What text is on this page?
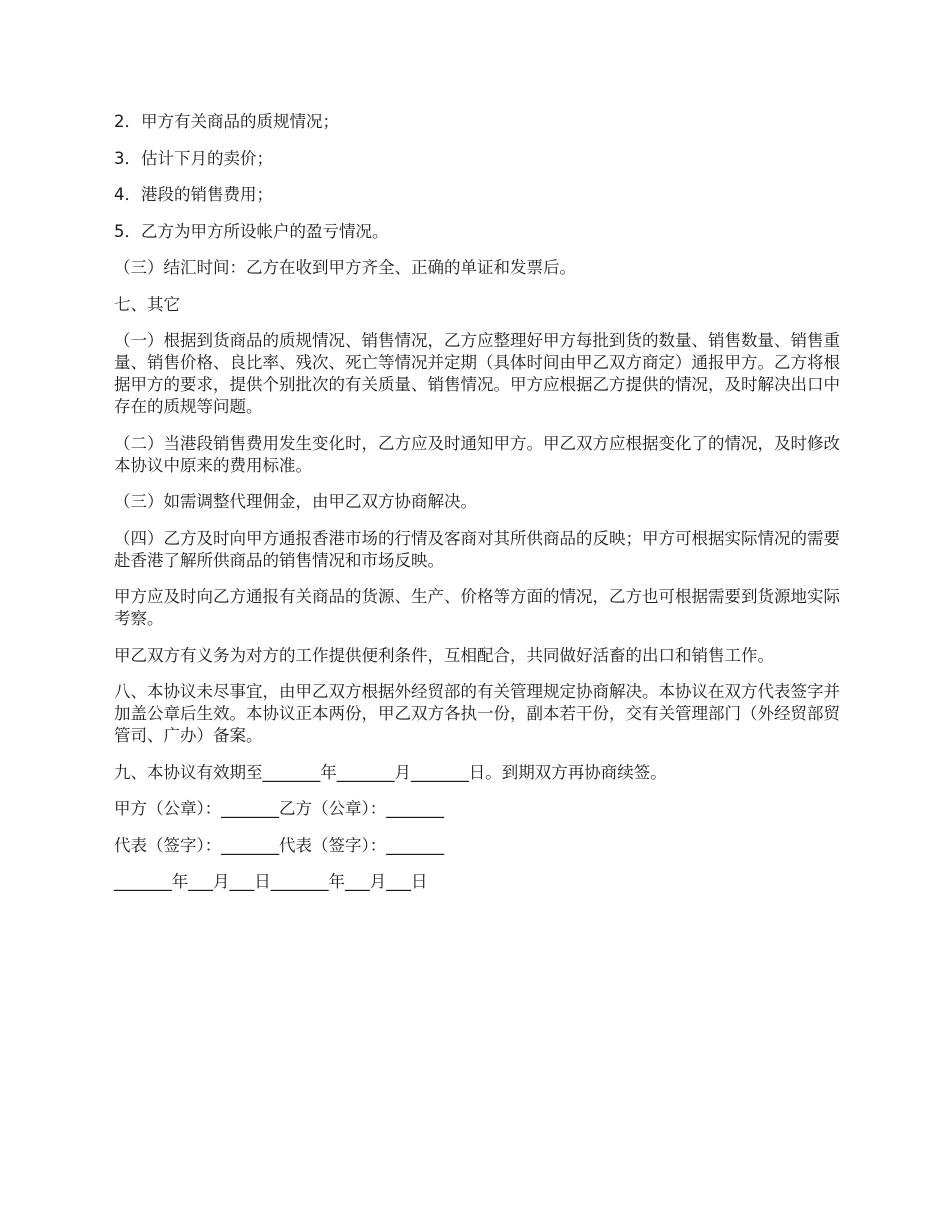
2．甲方有关商品的质规情况；

3．估计下月的卖价；

4．港段的销售费用；

5．乙方为甲方所设帐户的盈亏情况。

（三）结汇时间：乙方在收到甲方齐全、正确的单证和发票后。

七、其它

（一）根据到货商品的质规情况、销售情况，乙方应整理好甲方每批到货的数量、销售数量、销售重量、销售价格、良比率、残次、死亡等情况并定期（具体时间由甲乙双方商定）通报甲方。乙方将根据甲方的要求，提供个别批次的有关质量、销售情况。甲方应根据乙方提供的情况，及时解决出口中存在的质规等问题。

（二）当港段销售费用发生变化时，乙方应及时通知甲方。甲乙双方应根据变化了的情况，及时修改本协议中原来的费用标准。

（三）如需调整代理佣金，由甲乙双方协商解决。

（四）乙方及时向甲方通报香港市场的行情及客商对其所供商品的反映；甲方可根据实际情况的需要赴香港了解所供商品的销售情况和市场反映。

甲方应及时向乙方通报有关商品的货源、生产、价格等方面的情况，乙方也可根据需要到货源地实际考察。

甲乙双方有义务为对方的工作提供便利条件，互相配合，共同做好活畜的出口和销售工作。

八、本协议未尽事宜，由甲乙双方根据外经贸部的有关管理规定协商解决。本协议在双方代表签字并加盖公章后生效。本协议正本两份，甲乙双方各执一份，副本若干份，交有关管理部门（外经贸部贸管司、广办）备案。

九、本协议有效期至_______年_______月_______日。到期双方再协商续签。

甲方（公章）：_______乙方（公章）：_______

代表（签字）：_______代表（签字）：_______

_______年___月___日_______年___月___日
